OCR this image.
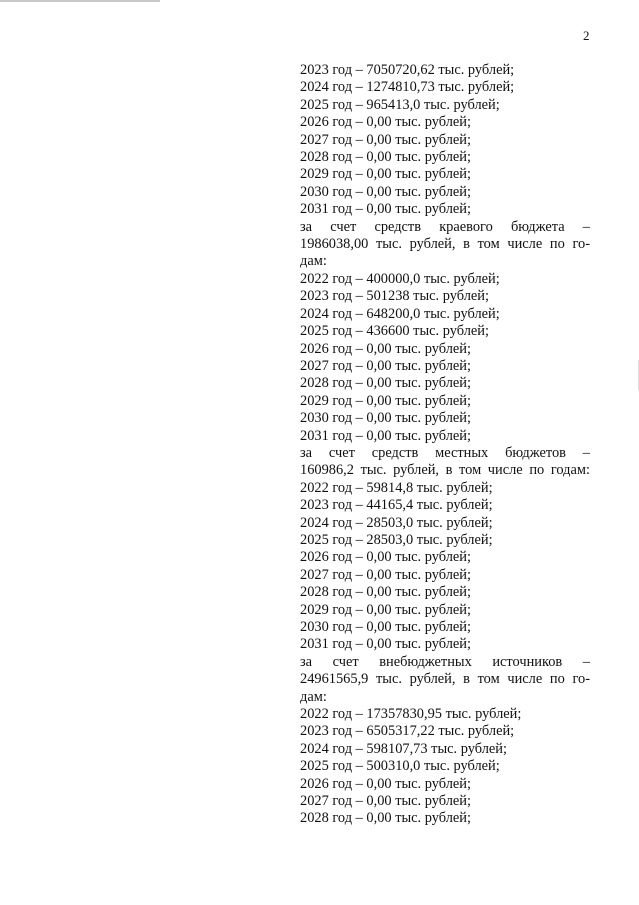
2
2023 год – 7050720,62 тыс. рублей;
2024 год – 1274810,73 тыс. рублей;
2025 год – 965413,0 тыс. рублей;
2026 год – 0,00 тыс. рублей;
2027 год – 0,00 тыс. рублей;
2028 год – 0,00 тыс. рублей;
2029 год – 0,00 тыс. рублей;
2030 год – 0,00 тыс. рублей;
2031 год – 0,00 тыс. рублей;
за счет средств краевого бюджета –
1986038,00 тыс. рублей, в том числе по го-
дам:
2022 год – 400000,0 тыс. рублей;
2023 год – 501238 тыс. рублей;
2024 год – 648200,0 тыс. рублей;
2025 год – 436600 тыс. рублей;
2026 год – 0,00 тыс. рублей;
2027 год – 0,00 тыс. рублей;
2028 год – 0,00 тыс. рублей;
2029 год – 0,00 тыс. рублей;
2030 год – 0,00 тыс. рублей;
2031 год – 0,00 тыс. рублей;
за счет средств местных бюджетов –
160986,2 тыс. рублей, в том числе по годам:
2022 год – 59814,8 тыс. рублей;
2023 год – 44165,4 тыс. рублей;
2024 год – 28503,0 тыс. рублей;
2025 год – 28503,0 тыс. рублей;
2026 год – 0,00 тыс. рублей;
2027 год – 0,00 тыс. рублей;
2028 год – 0,00 тыс. рублей;
2029 год – 0,00 тыс. рублей;
2030 год – 0,00 тыс. рублей;
2031 год – 0,00 тыс. рублей;
за счет внебюджетных источников –
24961565,9 тыс. рублей, в том числе по го-
дам:
2022 год – 17357830,95 тыс. рублей;
2023 год – 6505317,22 тыс. рублей;
2024 год – 598107,73 тыс. рублей;
2025 год – 500310,0 тыс. рублей;
2026 год – 0,00 тыс. рублей;
2027 год – 0,00 тыс. рублей;
2028 год – 0,00 тыс. рублей;
